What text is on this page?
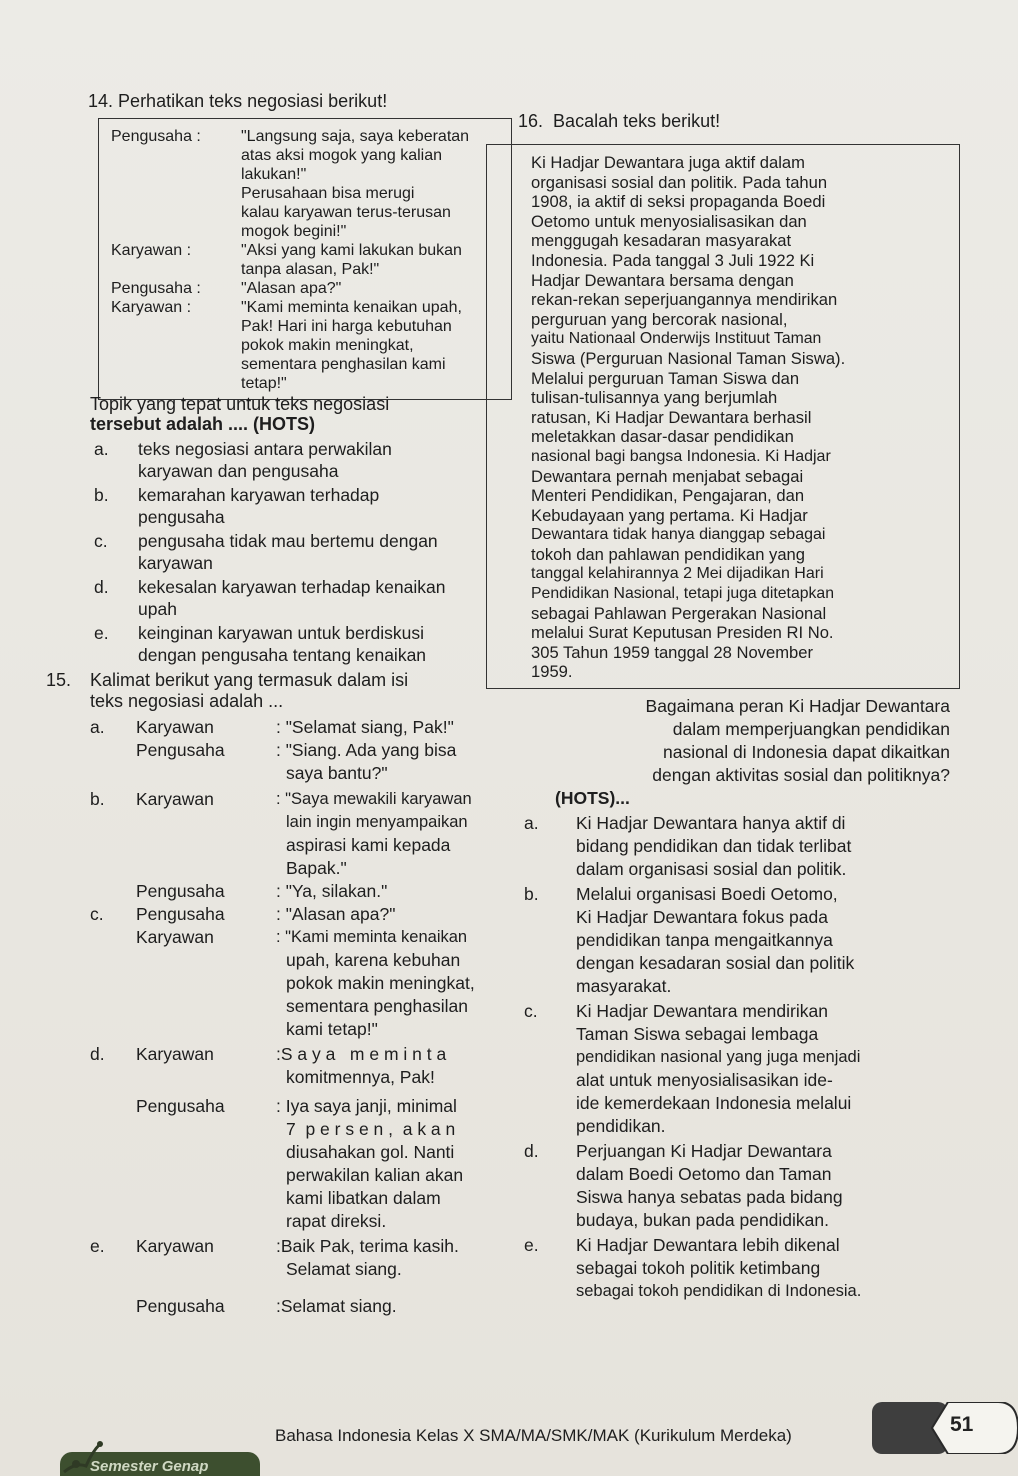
14. Perhatikan teks negosiasi berikut!
Pengusaha :	"Langsung saja, saya keberatan
atas aksi mogok yang kalian
lakukan!"
Perusahaan bisa merugi
kalau karyawan terus-terusan
mogok begini!"
Karyawan :	"Aksi yang kami lakukan bukan
tanpa alasan, Pak!"
Pengusaha :	"Alasan apa?"
Karyawan :	"Kami meminta kenaikan upah,
Pak! Hari ini harga kebutuhan
pokok makin meningkat,
sementara penghasilan kami
tetap!"
Topik yang tepat untuk teks negosiasi
tersebut adalah .... (HOTS)
a.	teks negosiasi antara perwakilan
karyawan dan pengusaha
b.	kemarahan karyawan terhadap
pengusaha
c.	pengusaha tidak mau bertemu dengan
karyawan
d.	kekesalan karyawan terhadap kenaikan
upah
e.	keinginan karyawan untuk berdiskusi
dengan pengusaha tentang kenaikan
15.	Kalimat berikut yang termasuk dalam isi
teks negosiasi adalah ...
a.	Karyawan	: "Selamat siang, Pak!"
Pengusaha	: "Siang. Ada yang bisa
saya bantu?"
b.	Karyawan	: "Saya mewakili karyawan
lain ingin menyampaikan
aspirasi kami kepada
Bapak."
Pengusaha	: "Ya, silakan."
c.	Pengusaha	: "Alasan apa?"
Karyawan	: "Kami meminta kenaikan
upah, karena kebuhan
pokok makin meningkat,
sementara penghasilan
kami tetap!"
d.	Karyawan	:S a y a   m e m i n t a
komitmennya, Pak!
Pengusaha	: Iya saya janji, minimal
7  p e r s e n ,  a k a n
diusahakan gol. Nanti
perwakilan kalian akan
kami libatkan dalam
rapat direksi.
e.	Karyawan	:Baik Pak, terima kasih.
Selamat siang.
Pengusaha	:Selamat siang.
16. Bacalah teks berikut!
Ki Hadjar Dewantara juga aktif dalam
organisasi sosial dan politik. Pada tahun
1908, ia aktif di seksi propaganda Boedi
Oetomo untuk menyosialisasikan dan
menggugah kesadaran masyarakat
Indonesia. Pada tanggal 3 Juli 1922 Ki
Hadjar Dewantara bersama dengan
rekan-rekan seperjuangannya mendirikan
perguruan yang bercorak nasional,
yaitu Nationaal Onderwijs Instituut Taman
Siswa (Perguruan Nasional Taman Siswa).
Melalui perguruan Taman Siswa dan
tulisan-tulisannya yang berjumlah
ratusan, Ki Hadjar Dewantara berhasil
meletakkan dasar-dasar pendidikan
nasional bagi bangsa Indonesia. Ki Hadjar
Dewantara pernah menjabat sebagai
Menteri Pendidikan, Pengajaran, dan
Kebudayaan yang pertama. Ki Hadjar
Dewantara tidak hanya dianggap sebagai
tokoh dan pahlawan pendidikan yang
tanggal kelahirannya 2 Mei dijadikan Hari
Pendidikan Nasional, tetapi juga ditetapkan
sebagai Pahlawan Pergerakan Nasional
melalui Surat Keputusan Presiden RI No.
305 Tahun 1959 tanggal 28 November
1959.
Bagaimana peran Ki Hadjar Dewantara
dalam memperjuangkan pendidikan
nasional di Indonesia dapat dikaitkan
dengan aktivitas sosial dan politiknya?
(HOTS)...
a.	Ki Hadjar Dewantara hanya aktif di
bidang pendidikan dan tidak terlibat
dalam organisasi sosial dan politik.
b.	Melalui organisasi Boedi Oetomo,
Ki Hadjar Dewantara fokus pada
pendidikan tanpa mengaitkannya
dengan kesadaran sosial dan politik
masyarakat.
c.	Ki Hadjar Dewantara mendirikan
Taman Siswa sebagai lembaga
pendidikan nasional yang juga menjadi
alat untuk menyosialisasikan ide-
ide kemerdekaan Indonesia melalui
pendidikan.
d.	Perjuangan Ki Hadjar Dewantara
dalam Boedi Oetomo dan Taman
Siswa hanya sebatas pada bidang
budaya, bukan pada pendidikan.
e.	Ki Hadjar Dewantara lebih dikenal
sebagai tokoh politik ketimbang
sebagai tokoh pendidikan di Indonesia.
Semester Genap
Bahasa Indonesia Kelas X SMA/MA/SMK/MAK (Kurikulum Merdeka)	51
